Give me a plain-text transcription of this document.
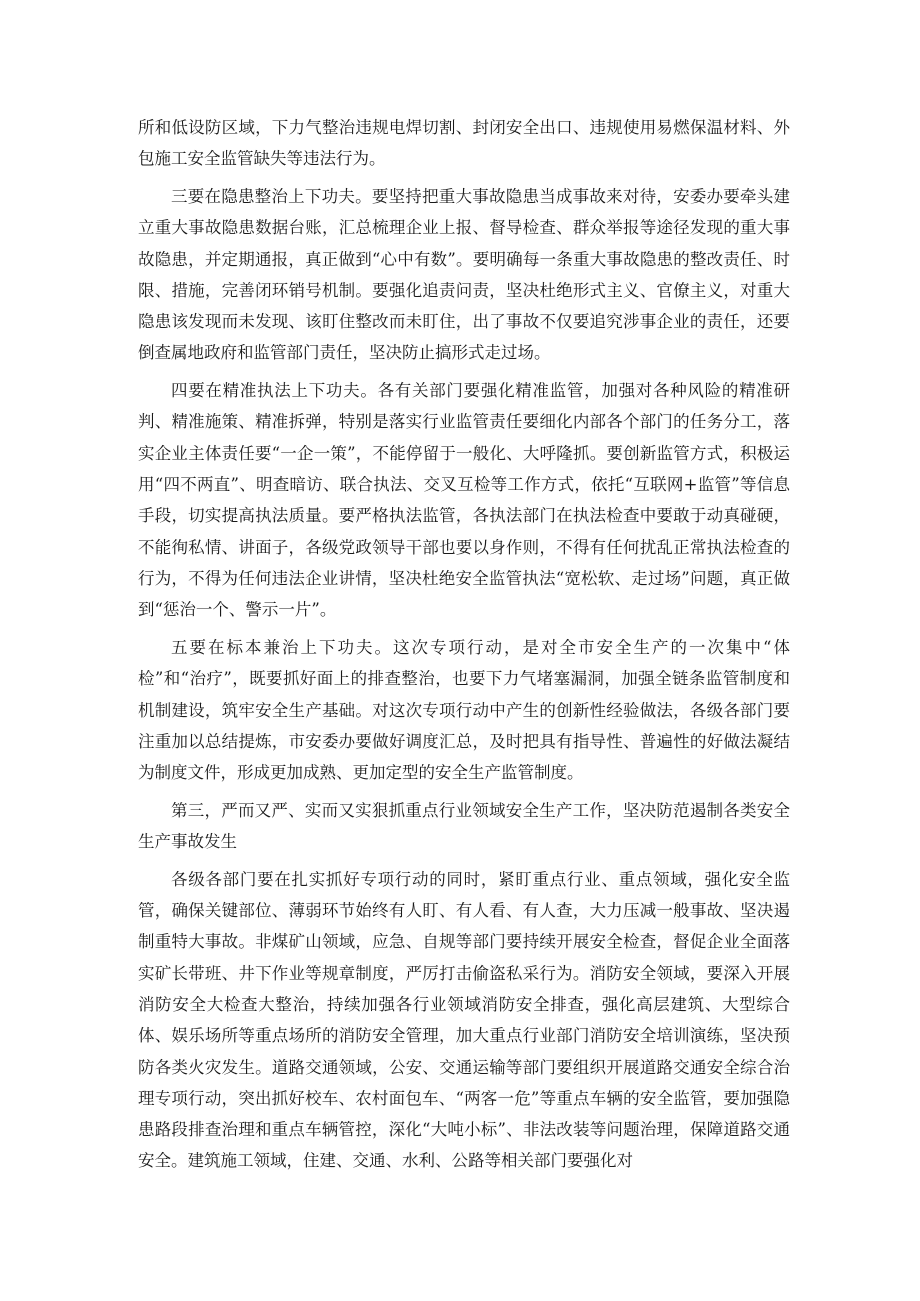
所和低设防区域，下力气整治违规电焊切割、封闭安全出口、违规使用易燃保温材料、外包施工安全监管缺失等违法行为。

三要在隐患整治上下功夫。要坚持把重大事故隐患当成事故来对待，安委办要牵头建立重大事故隐患数据台账，汇总梳理企业上报、督导检查、群众举报等途径发现的重大事故隐患，并定期通报，真正做到“心中有数”。要明确每一条重大事故隐患的整改责任、时限、措施，完善闭环销号机制。要强化追责问责，坚决杜绝形式主义、官僚主义，对重大隐患该发现而未发现、该盯住整改而未盯住，出了事故不仅要追究涉事企业的责任，还要倒查属地政府和监管部门责任，坚决防止搞形式走过场。

四要在精准执法上下功夫。各有关部门要强化精准监管，加强对各种风险的精准研判、精准施策、精准拆弹，特别是落实行业监管责任要细化内部各个部门的任务分工，落实企业主体责任要“一企一策”，不能停留于一般化、大呼隆抓。要创新监管方式，积极运用“四不两直”、明查暗访、联合执法、交叉互检等工作方式，依托“互联网+监管”等信息手段，切实提高执法质量。要严格执法监管，各执法部门在执法检查中要敢于动真碰硬，不能徇私情、讲面子，各级党政领导干部也要以身作则，不得有任何扰乱正常执法检查的行为，不得为任何违法企业讲情，坚决杜绝安全监管执法“宽松软、走过场”问题，真正做到“惩治一个、警示一片”。

五要在标本兼治上下功夫。这次专项行动，是对全市安全生产的一次集中“体检”和“治疗”，既要抓好面上的排查整治，也要下力气堵塞漏洞，加强全链条监管制度和机制建设，筑牢安全生产基础。对这次专项行动中产生的创新性经验做法，各级各部门要注重加以总结提炼，市安委办要做好调度汇总，及时把具有指导性、普遍性的好做法凝结为制度文件，形成更加成熟、更加定型的安全生产监管制度。

第三，严而又严、实而又实狠抓重点行业领域安全生产工作，坚决防范遏制各类安全生产事故发生

各级各部门要在扎实抓好专项行动的同时，紧盯重点行业、重点领域，强化安全监管，确保关键部位、薄弱环节始终有人盯、有人看、有人查，大力压减一般事故、坚决遏制重特大事故。非煤矿山领域，应急、自规等部门要持续开展安全检查，督促企业全面落实矿长带班、井下作业等规章制度，严厉打击偷盗私采行为。消防安全领域，要深入开展消防安全大检查大整治，持续加强各行业领域消防安全排查，强化高层建筑、大型综合体、娱乐场所等重点场所的消防安全管理，加大重点行业部门消防安全培训演练，坚决预防各类火灾发生。道路交通领域，公安、交通运输等部门要组织开展道路交通安全综合治理专项行动，突出抓好校车、农村面包车、“两客一危”等重点车辆的安全监管，要加强隐患路段排查治理和重点车辆管控，深化“大吨小标”、非法改装等问题治理，保障道路交通安全。建筑施工领域，住建、交通、水利、公路等相关部门要强化对
